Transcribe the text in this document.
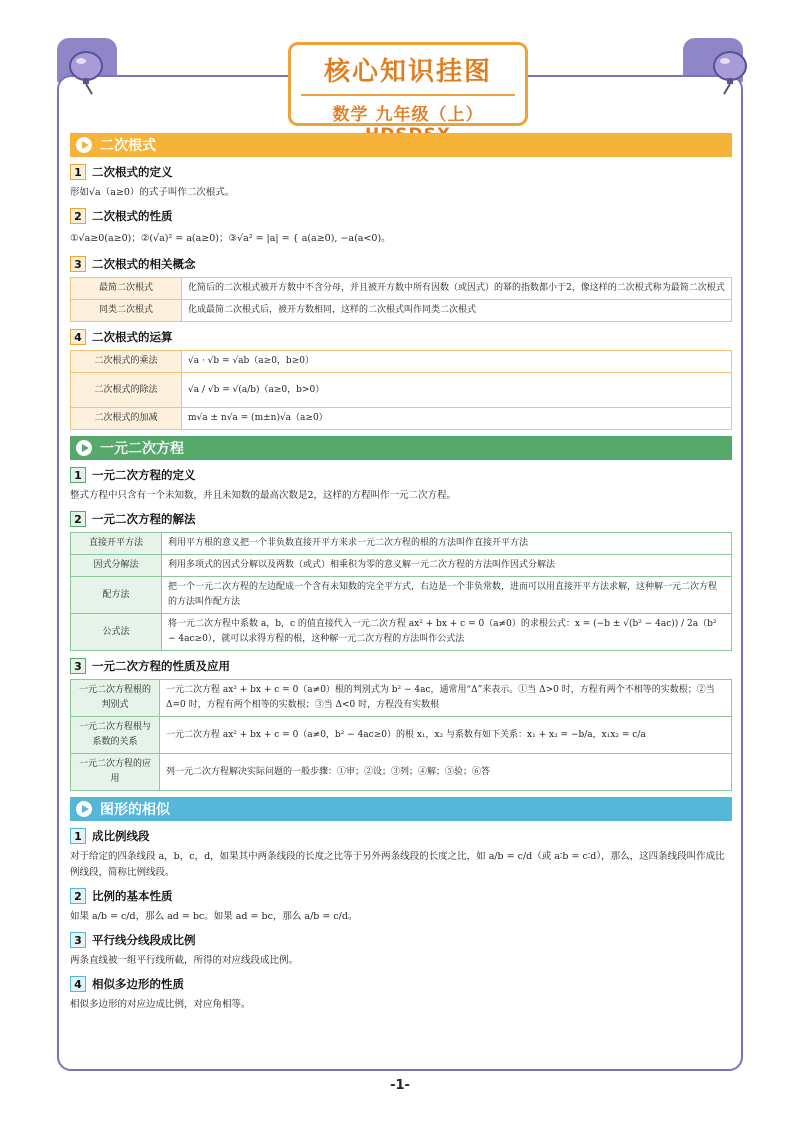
核心知识挂图
数学 九年级（上）
二次根式
1 二次根式的定义

形如√a（a≥0）的式子叫作二次根式。

2 二次根式的性质

①√a≥0(a≥0)；②(√a)² = a(a≥0)；③√a² = |a| = { a(a≥0), −a(a<0)。

3 二次根式的相关概念
最简二次根式	化简后的二次根式被开方数中不含分母，并且被开方数中所有因数（或因式）的幂的指数都小于2，像这样的二次根式称为最简二次根式
同类二次根式	化成最简二次根式后，被开方数相同，这样的二次根式叫作同类二次根式
4 二次根式的运算
二次根式的乘法	√a · √b = √ab（a≥0，b≥0）
二次根式的除法	√a / √b = √(a/b)（a≥0，b>0）
二次根式的加减	m√a ± n√a = (m±n)√a（a≥0）
一元二次方程
1 一元二次方程的定义

整式方程中只含有一个未知数，并且未知数的最高次数是2，这样的方程叫作一元二次方程。

2 一元二次方程的解法
直接开平方法	利用平方根的意义把一个非负数直接开平方来求一元二次方程的根的方法叫作直接开平方法
因式分解法	利用多项式的因式分解以及两数（或式）相乘积为零的意义解一元二次方程的方法叫作因式分解法
配方法	把一个一元二次方程的左边配成一个含有未知数的完全平方式，右边是一个非负常数，进而可以用直接开平方法求解，这种解一元二次方程的方法叫作配方法
公式法	将一元二次方程中系数 a，b，c 的值直接代入一元二次方程 ax² + bx + c = 0（a≠0）的求根公式：x = (−b ± √(b² − 4ac)) / 2a（b² − 4ac≥0），就可以求得方程的根，这种解一元二次方程的方法叫作公式法
3 一元二次方程的性质及应用
一元二次方程根的判别式	一元二次方程 ax² + bx + c = 0（a≠0）根的判别式为 b² − 4ac，通常用“Δ”来表示。①当 Δ>0 时，方程有两个不相等的实数根；②当 Δ=0 时，方程有两个相等的实数根；③当 Δ<0 时，方程没有实数根
一元二次方程根与系数的关系	一元二次方程 ax² + bx + c = 0（a≠0，b² − 4ac≥0）的根 x₁，x₂ 与系数有如下关系：x₁ + x₂ = −b/a，x₁x₂ = c/a
一元二次方程的应用	列一元二次方程解决实际问题的一般步骤：①审；②设；③列；④解；⑤验；⑥答
图形的相似
1 成比例线段

对于给定的四条线段 a，b，c，d，如果其中两条线段的长度之比等于另外两条线段的长度之比，如 a/b = c/d（或 a∶b = c∶d），那么，这四条线段叫作成比例线段，简称比例线段。

2 比例的基本性质

如果 a/b = c/d，那么 ad = bc。如果 ad = bc，那么 a/b = c/d。

3 平行线分线段成比例

两条直线被一组平行线所截，所得的对应线段成比例。

4 相似多边形的性质

相似多边形的对应边成比例，对应角相等。

-1-
